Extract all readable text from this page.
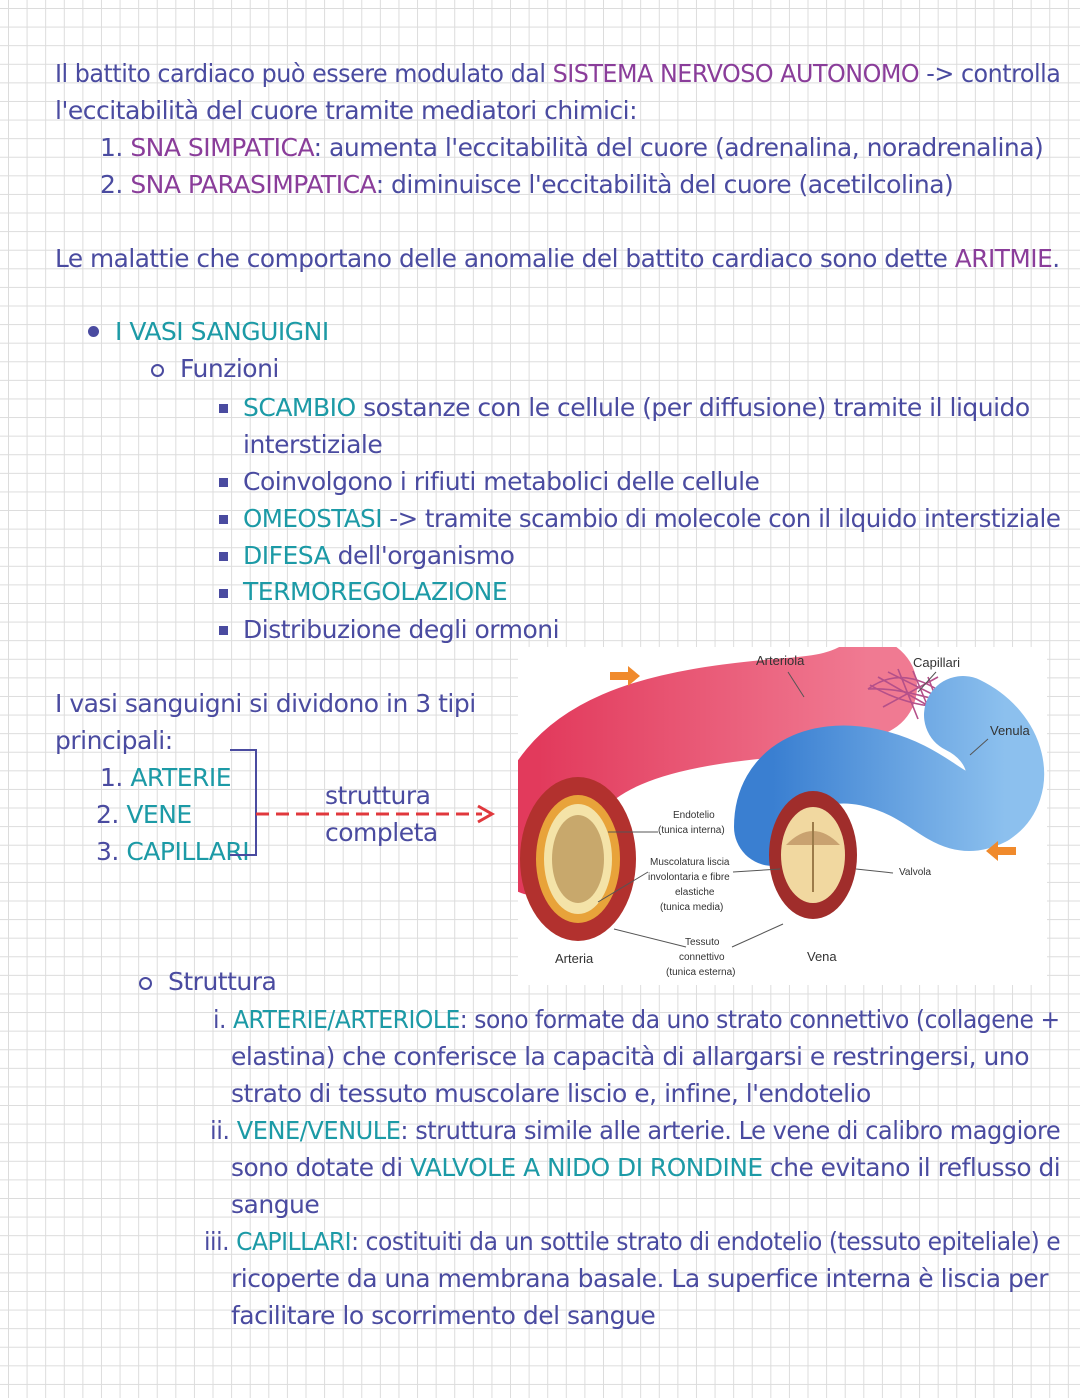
Il battito cardiaco può essere modulato dal SISTEMA NERVOSO AUTONOMO -> controlla
l'eccitabilità del cuore tramite mediatori chimici:
1. SNA SIMPATICA: aumenta l'eccitabilità del cuore (adrenalina, noradrenalina)
2. SNA PARASIMPATICA: diminuisce l'eccitabilità del cuore (acetilcolina)
Le malattie che comportano delle anomalie del battito cardiaco sono dette ARITMIE.
I VASI SANGUIGNI
Funzioni
SCAMBIO sostanze con le cellule (per diffusione) tramite il liquido
interstiziale
Coinvolgono i rifiuti metabolici delle cellule
OMEOSTASI -> tramite scambio di molecole con il ilquido interstiziale
DIFESA dell'organismo
TERMOREGOLAZIONE
Distribuzione degli ormoni
I vasi sanguigni si dividono in 3 tipi
principali:
1. ARTERIE
2. VENE
3. CAPILLARI
struttura
completa
Arteriola	Capillari
Venula
Endotelio
(tunica interna)
Muscolatura liscia
involontaria e fibre
elastiche
(tunica media)
Valvola
Tessuto
connettivo
(tunica esterna)
Arteria	Vena
Struttura
i. ARTERIE/ARTERIOLE: sono formate da uno strato connettivo (collagene +
elastina) che conferisce la capacità di allargarsi e restringersi, uno
strato di tessuto muscolare liscio e, infine, l'endotelio
ii. VENE/VENULE: struttura simile alle arterie. Le vene di calibro maggiore
sono dotate di VALVOLE A NIDO DI RONDINE che evitano il reflusso di
sangue
iii. CAPILLARI: costituiti da un sottile strato di endotelio (tessuto epiteliale) e
ricoperte da una membrana basale. La superfice interna è liscia per
facilitare lo scorrimento del sangue
